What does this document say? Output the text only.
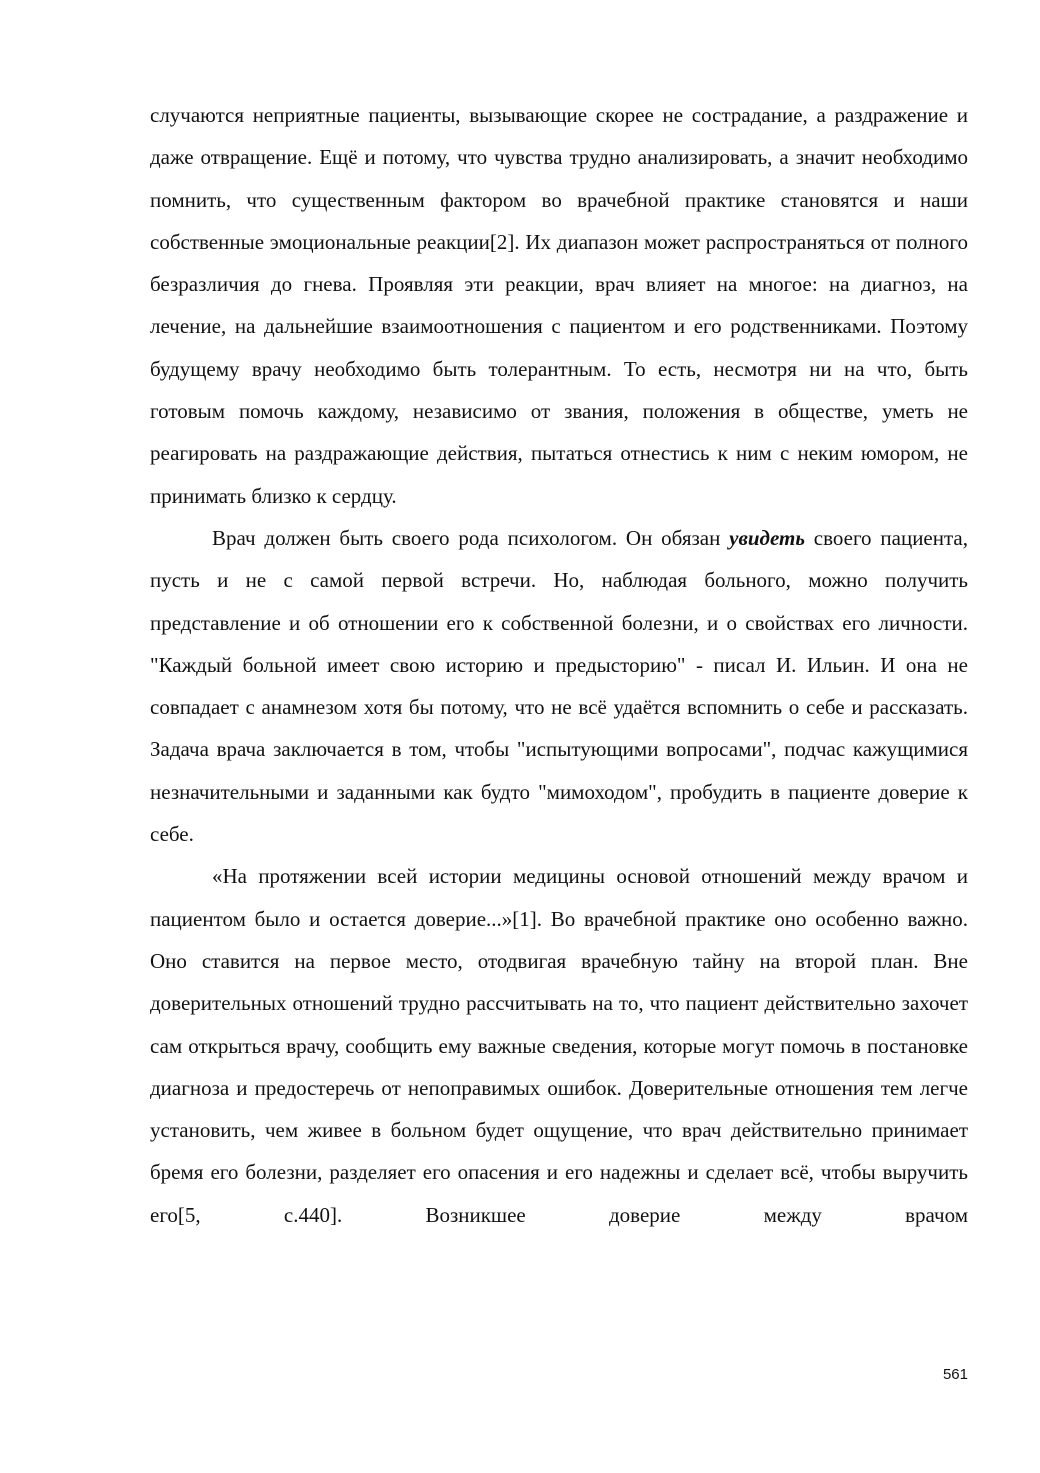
случаются неприятные пациенты, вызывающие скорее не сострадание, а раздражение и даже отвращение. Ещё и потому, что чувства трудно анализировать, а значит необходимо помнить, что существенным фактором во врачебной практике становятся и наши собственные эмоциональные реакции[2]. Их диапазон может распространяться от полного безразличия до гнева. Проявляя эти реакции, врач влияет на многое: на диагноз, на лечение, на дальнейшие взаимоотношения с пациентом и его родственниками. Поэтому будущему врачу необходимо быть толерантным. То есть, несмотря ни на что, быть готовым помочь каждому, независимо от звания, положения в обществе, уметь не реагировать на раздражающие действия, пытаться отнестись к ним с неким юмором, не принимать близко к сердцу.

Врач должен быть своего рода психологом. Он обязан увидеть своего пациента, пусть и не с самой первой встречи. Но, наблюдая больного, можно получить представление и об отношении его к собственной болезни, и о свойствах его личности. "Каждый больной имеет свою историю и предысторию" - писал И. Ильин. И она не совпадает с анамнезом хотя бы потому, что не всё удаётся вспомнить о себе и рассказать. Задача врача заключается в том, чтобы "испытующими вопросами", подчас кажущимися незначительными и заданными как будто "мимоходом", пробудить в пациенте доверие к себе.

«На протяжении всей истории медицины основой отношений между врачом и пациентом было и остается доверие...»[1]. Во врачебной практике оно особенно важно. Оно ставится на первое место, отодвигая врачебную тайну на второй план. Вне доверительных отношений трудно рассчитывать на то, что пациент действительно захочет сам открыться врачу, сообщить ему важные сведения, которые могут помочь в постановке диагноза и предостеречь от непоправимых ошибок. Доверительные отношения тем легче установить, чем живее в больном будет ощущение, что врач действительно принимает бремя его болезни, разделяет его опасения и его надежны и сделает всё, чтобы выручить его[5, с.440]. Возникшее доверие между врачом

561
